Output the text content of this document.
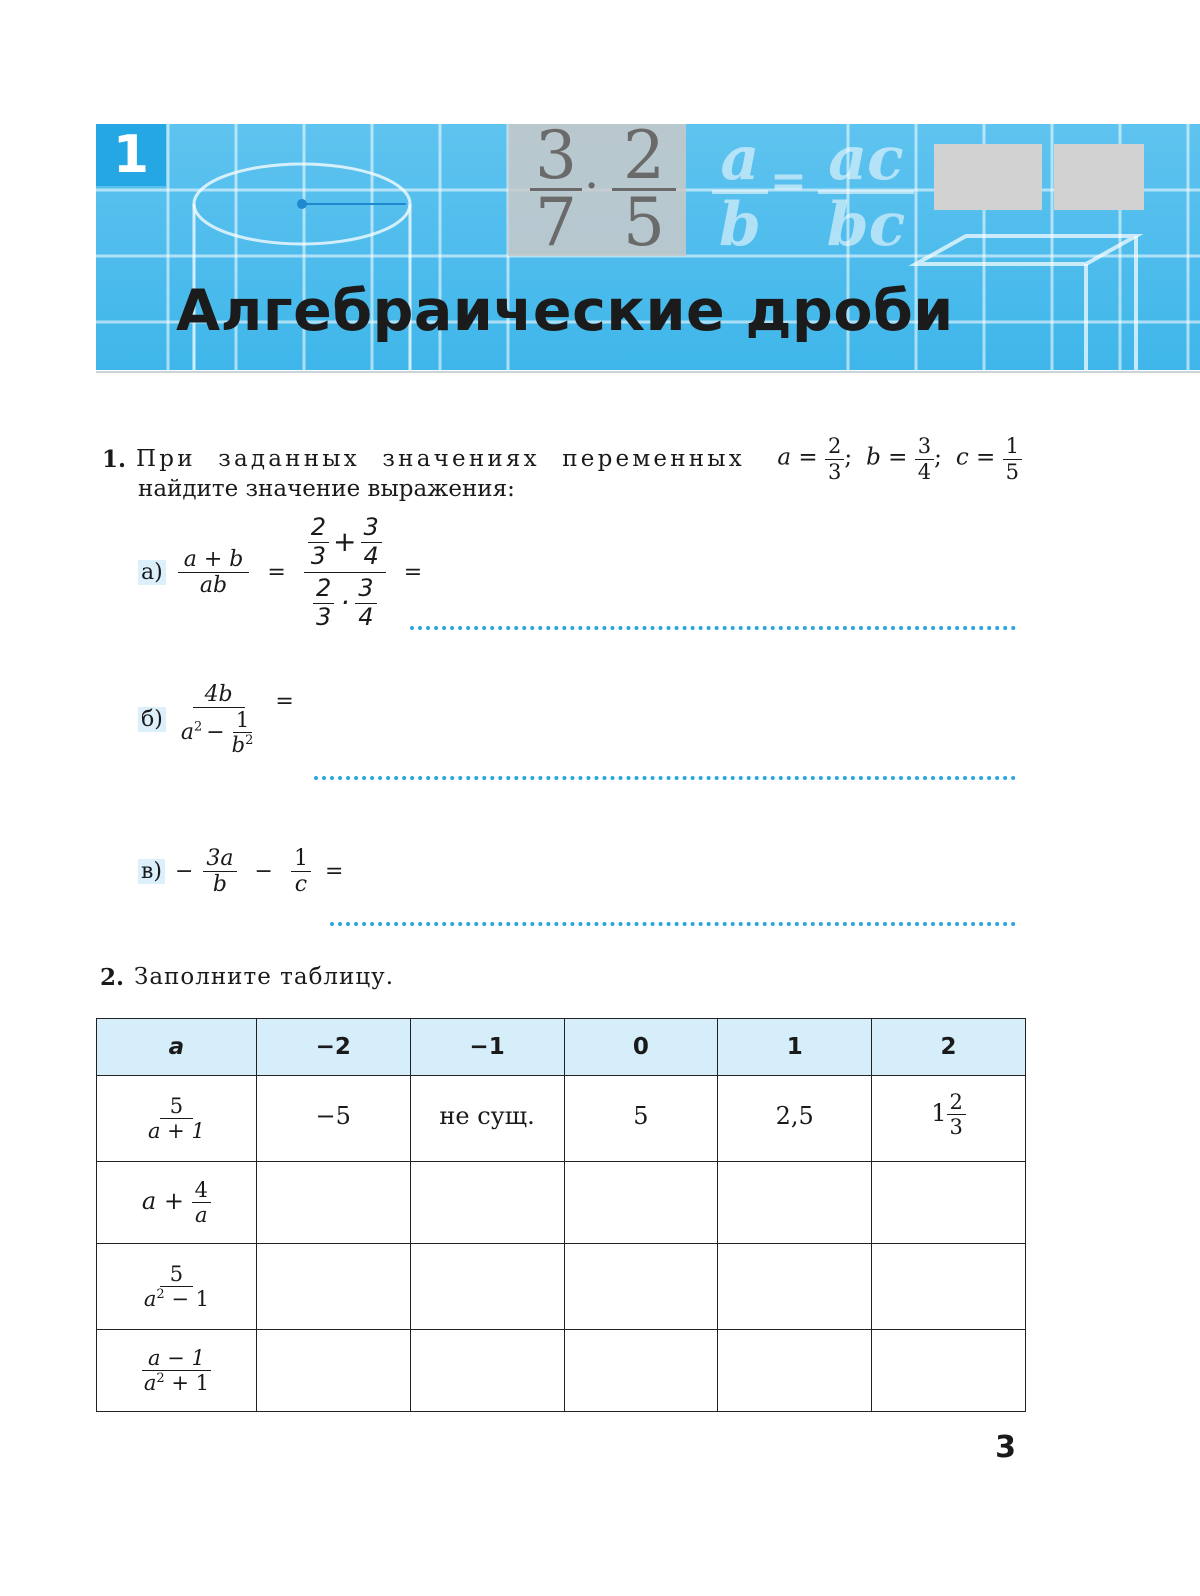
$\frac{3}{7} \cdot \frac{2}{5} \frac{a}{b} = \frac{ac}{bc}$
1
Алгебраические дроби
1. При заданных значениях переменных	$a = \frac{2}{3}$ ; $b = \frac{3}{4}$ ; $c = \frac{1}{5}$
найдите значение выражения:
$а) \frac{a + b}{ab} = \frac{\frac{2}{3} + \frac{3}{4}}{\frac{2}{3} \cdot \frac{3}{4}}$ =
$б) \frac{4b}{a^2 - \frac{1}{b^2}}$ =
$в) - \frac{3a}{b} - \frac{1}{c}$ =
2. Заполните таблицу.
a	−2	−1	0	1	2

$\frac{5}{a + 1}$	−5	не сущ.	5	2,5	$1 \frac{2}{3}$

$a + \frac{4}{a}$

$\frac{5}{a^2 - 1}$

$\frac{a - 1}{a^2 + 1}$

3
